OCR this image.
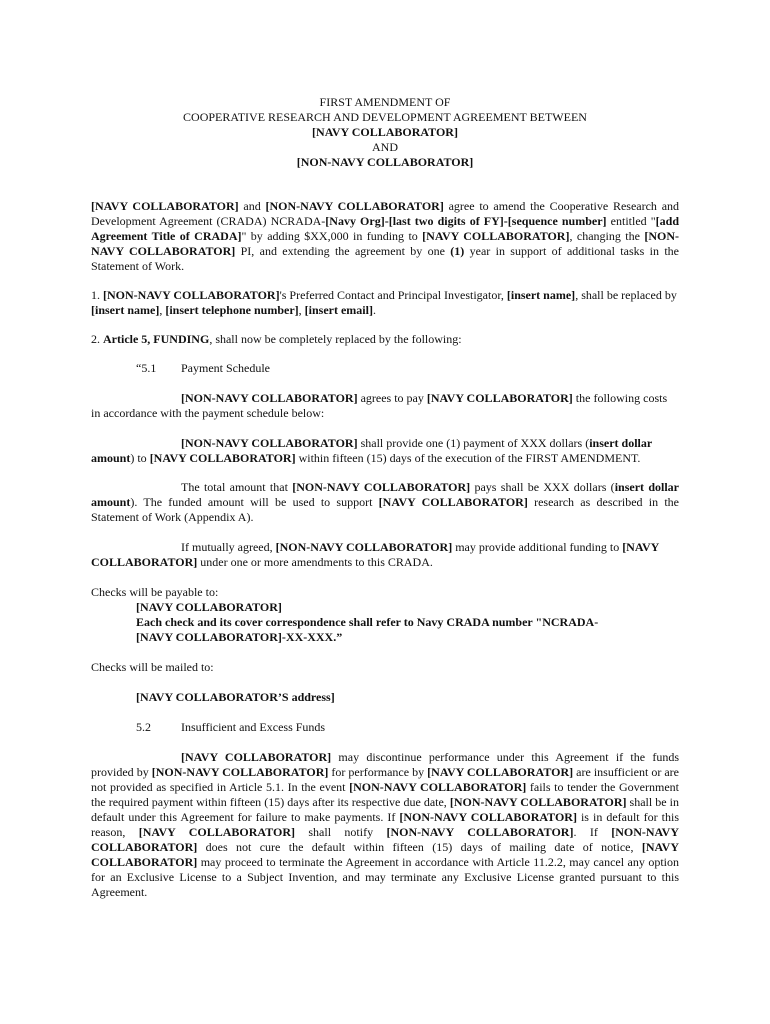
FIRST AMENDMENT OF
COOPERATIVE RESEARCH AND DEVELOPMENT AGREEMENT BETWEEN
[NAVY COLLABORATOR]
AND
[NON-NAVY COLLABORATOR]

[NAVY COLLABORATOR] and [NON-NAVY COLLABORATOR] agree to amend the Cooperative Research and Development Agreement (CRADA) NCRADA-[Navy Org]-[last two digits of FY]-[sequence number] entitled "[add Agreement Title of CRADA]" by adding $XX,000 in funding to [NAVY COLLABORATOR], changing the [NON-NAVY COLLABORATOR] PI, and extending the agreement by one (1) year in support of additional tasks in the Statement of Work.

1. [NON-NAVY COLLABORATOR]'s Preferred Contact and Principal Investigator, [insert name], shall be replaced by [insert name], [insert telephone number], [insert email].

2. Article 5, FUNDING, shall now be completely replaced by the following:

“5.1 Payment Schedule

[NON-NAVY COLLABORATOR] agrees to pay [NAVY COLLABORATOR] the following costs in accordance with the payment schedule below:

[NON-NAVY COLLABORATOR] shall provide one (1) payment of XXX dollars (insert dollar amount) to [NAVY COLLABORATOR] within fifteen (15) days of the execution of the FIRST AMENDMENT.

The total amount that [NON-NAVY COLLABORATOR] pays shall be XXX dollars (insert dollar amount). The funded amount will be used to support [NAVY COLLABORATOR] research as described in the Statement of Work (Appendix A).

If mutually agreed, [NON-NAVY COLLABORATOR] may provide additional funding to [NAVY COLLABORATOR] under one or more amendments to this CRADA.

Checks will be payable to:

[NAVY COLLABORATOR]

Each check and its cover correspondence shall refer to Navy CRADA number "NCRADA-

[NAVY COLLABORATOR]-XX-XXX.”

Checks will be mailed to:

[NAVY COLLABORATOR’S address]

5.2	Insufficient and Excess Funds

[NAVY COLLABORATOR] may discontinue performance under this Agreement if the funds provided by [NON-NAVY COLLABORATOR] for performance by [NAVY COLLABORATOR] are insufficient or are not provided as specified in Article 5.1. In the event [NON-NAVY COLLABORATOR] fails to tender the Government the required payment within fifteen (15) days after its respective due date, [NON-NAVY COLLABORATOR] shall be in default under this Agreement for failure to make payments. If [NON-NAVY COLLABORATOR] is in default for this reason, [NAVY COLLABORATOR] shall notify [NON-NAVY COLLABORATOR]. If [NON-NAVY COLLABORATOR] does not cure the default within fifteen (15) days of mailing date of notice, [NAVY COLLABORATOR] may proceed to terminate the Agreement in accordance with Article 11.2.2, may cancel any option for an Exclusive License to a Subject Invention, and may terminate any Exclusive License granted pursuant to this Agreement.
